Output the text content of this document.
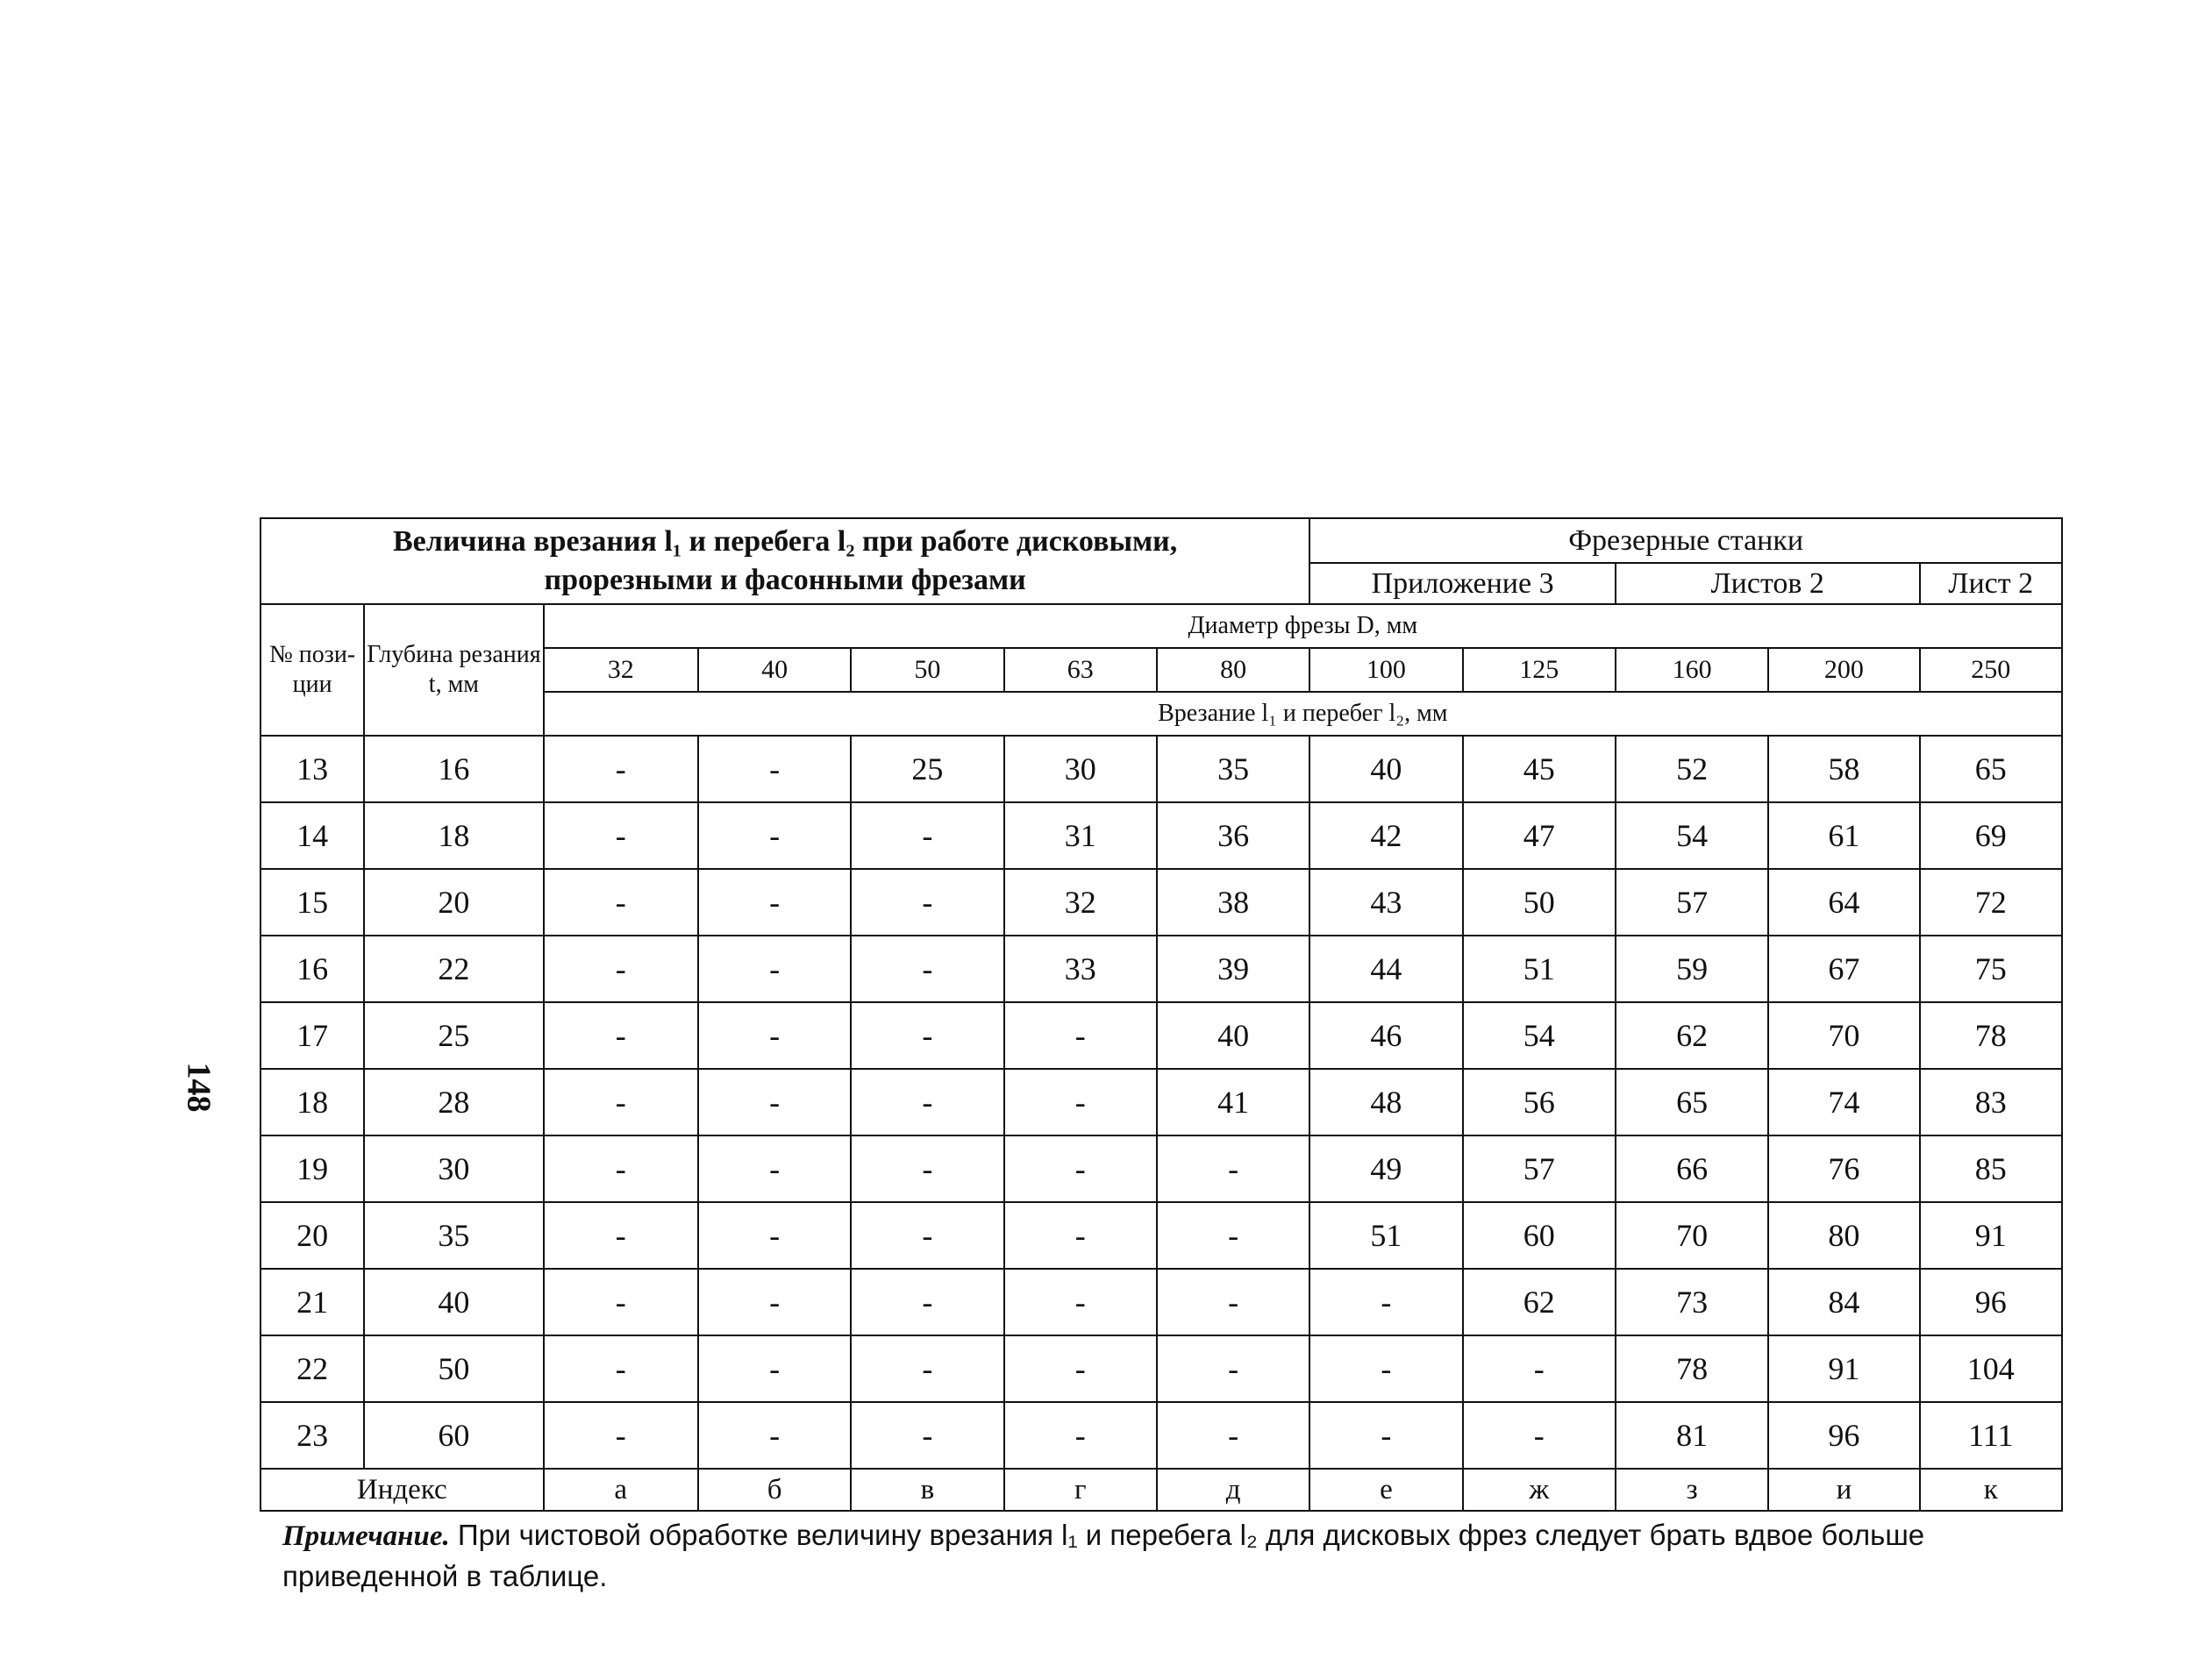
148
Величина врезания l₁ и перебега l₂ при работе дисковыми,
прорезными и фасонными фрезами							Фрезерные станки				
							Приложение 3		Листов 2		Лист 2
№ пози- ции	Глубина резания t, мм	Диаметр фрезы D, мм									
		32	40	50	63	80	100	125	160	200	250
		Врезание l₁ и перебег l₂, мм									
13	16	-	-	25	30	35	40	45	52	58	65
14	18	-	-	-	31	36	42	47	54	61	69
15	20	-	-	-	32	38	43	50	57	64	72
16	22	-	-	-	33	39	44	51	59	67	75
17	25	-	-	-	-	40	46	54	62	70	78
18	28	-	-	-	-	41	48	56	65	74	83
19	30	-	-	-	-	-	49	57	66	76	85
20	35	-	-	-	-	-	51	60	70	80	91
21	40	-	-	-	-	-	-	62	73	84	96
22	50	-	-	-	-	-	-	-	78	91	104
23	60	-	-	-	-	-	-	-	81	96	111
Индекс		а	б	в	г	д	е	ж	з	и	к
Примечание. При чистовой обработке величину врезания l₁ и перебега l₂ для дисковых фрез следует брать вдвое больше приведенной в таблице.
